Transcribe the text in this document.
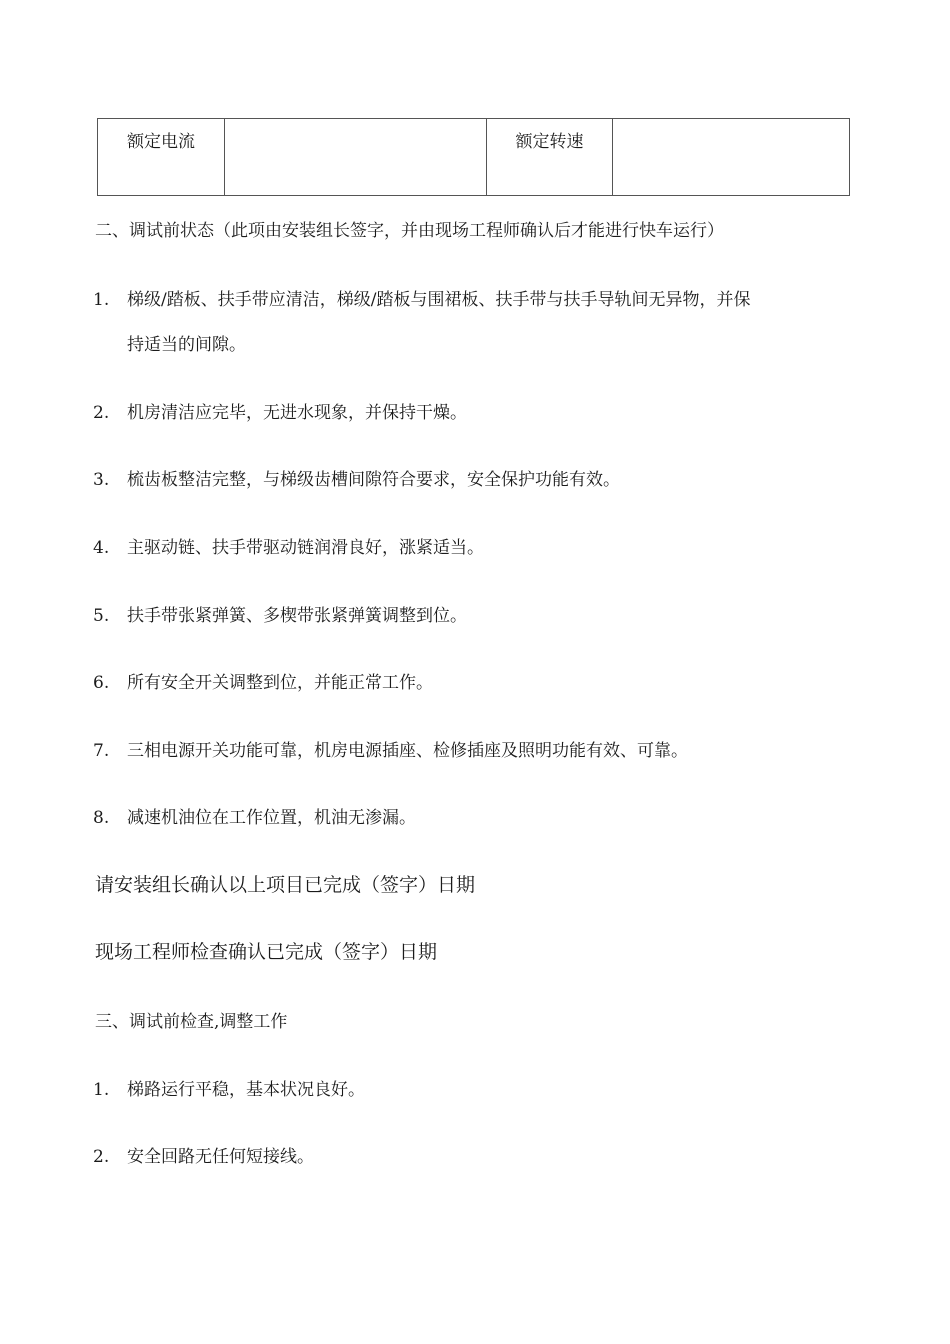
额定电流		额定转速	
二、调试前状态（此项由安装组长签字，并由现场工程师确认后才能进行快车运行）
1. 梯级/踏板、扶手带应清洁，梯级/踏板与围裙板、扶手带与扶手导轨间无异物，并保
持适当的间隙。
2. 机房清洁应完毕，无进水现象，并保持干燥。
3. 梳齿板整洁完整，与梯级齿槽间隙符合要求，安全保护功能有效。
4. 主驱动链、扶手带驱动链润滑良好，涨紧适当。
5. 扶手带张紧弹簧、多楔带张紧弹簧调整到位。
6. 所有安全开关调整到位，并能正常工作。
7. 三相电源开关功能可靠，机房电源插座、检修插座及照明功能有效、可靠。
8. 减速机油位在工作位置，机油无渗漏。
请安装组长确认以上项目已完成（签字）日期
现场工程师检查确认已完成（签字）日期
三、调试前检查,调整工作
1. 梯路运行平稳，基本状况良好。
2. 安全回路无任何短接线。
